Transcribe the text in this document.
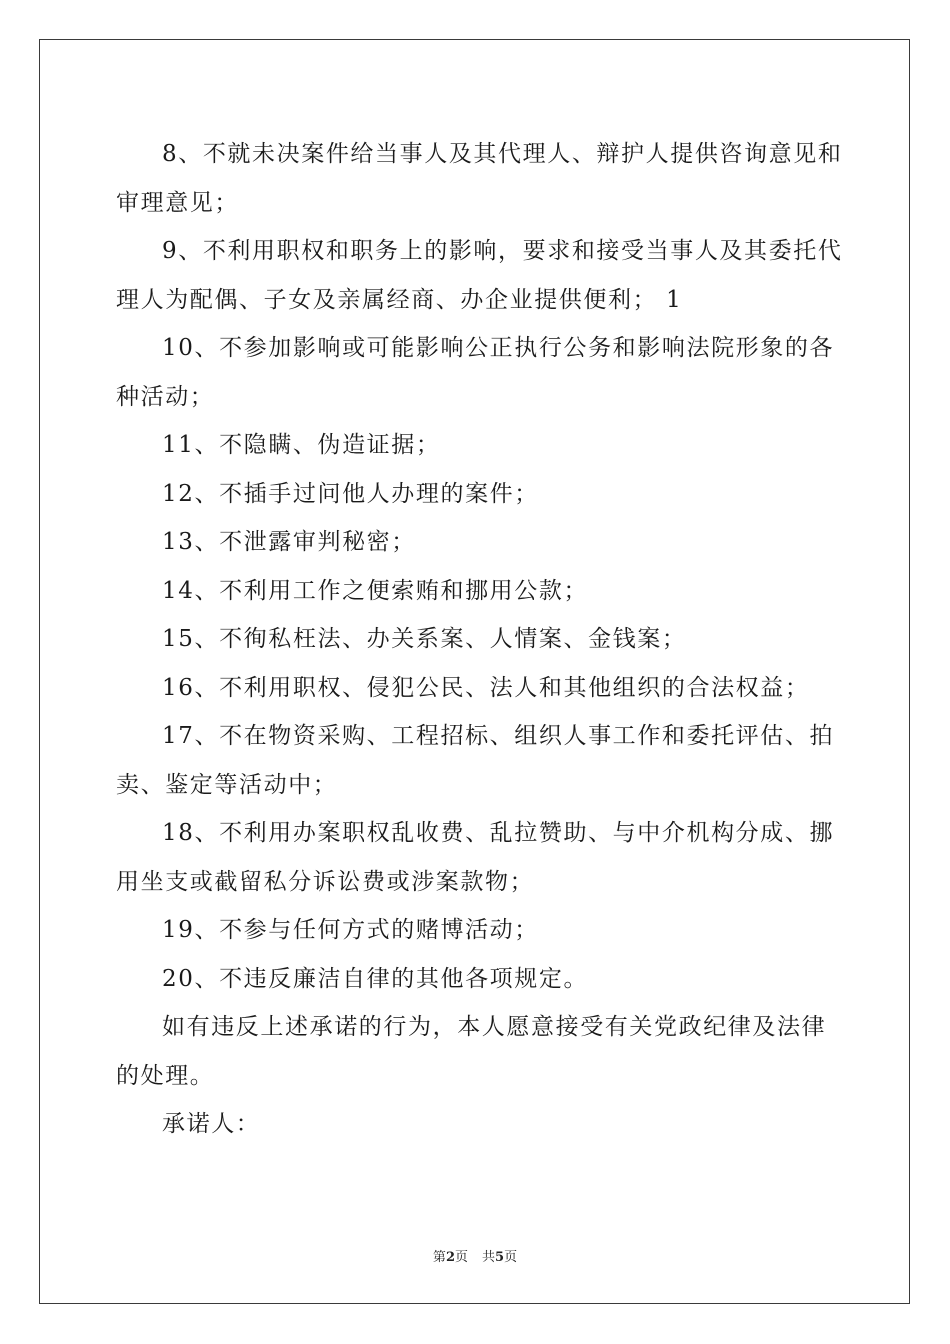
8、不就未决案件给当事人及其代理人、辩护人提供咨询意见和审理意见；

9、不利用职权和职务上的影响，要求和接受当事人及其委托代理人为配偶、子女及亲属经商、办企业提供便利； 1

10、不参加影响或可能影响公正执行公务和影响法院形象的各种活动；

11、不隐瞒、伪造证据；

12、不插手过问他人办理的案件；

13、不泄露审判秘密；

14、不利用工作之便索贿和挪用公款；

15、不徇私枉法、办关系案、人情案、金钱案；

16、不利用职权、侵犯公民、法人和其他组织的合法权益；

17、不在物资采购、工程招标、组织人事工作和委托评估、拍卖、鉴定等活动中；

18、不利用办案职权乱收费、乱拉赞助、与中介机构分成、挪用坐支或截留私分诉讼费或涉案款物；

19、不参与任何方式的赌博活动；

20、不违反廉洁自律的其他各项规定。

如有违反上述承诺的行为，本人愿意接受有关党政纪律及法律的处理。

承诺人：

第2页 共5页
